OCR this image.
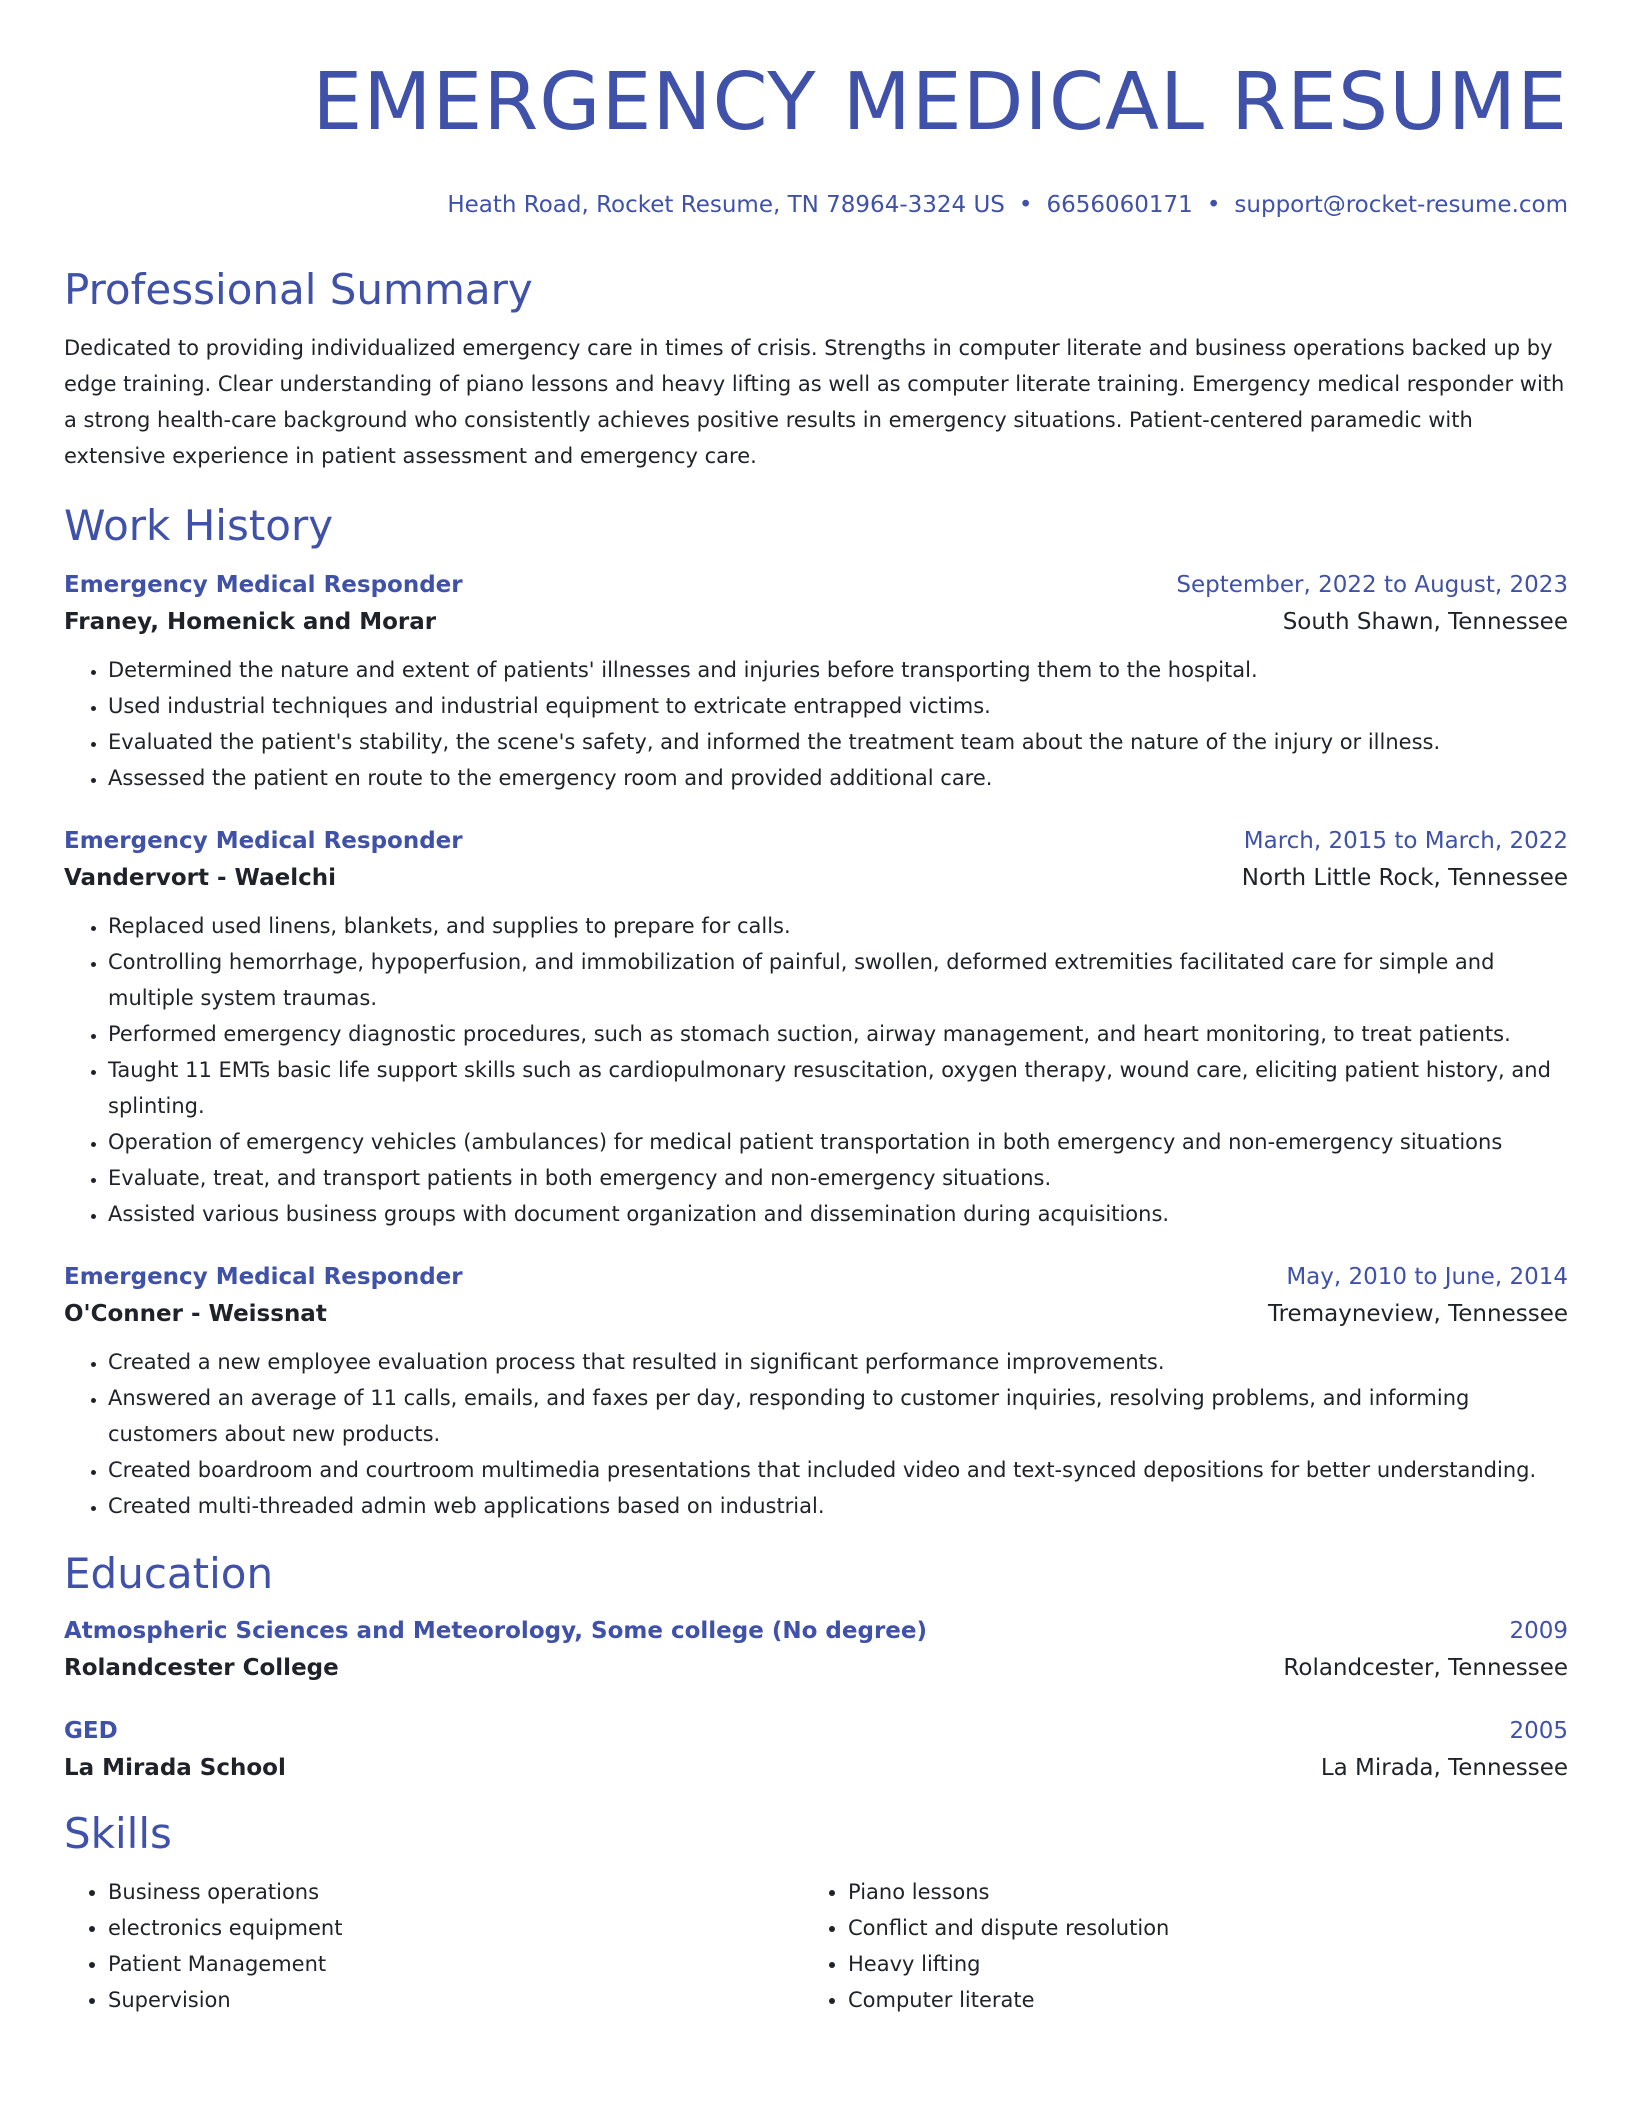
EMERGENCY MEDICAL RESUME
Heath Road, Rocket Resume, TN 78964-3324 US • 6656060171 • support@rocket-resume.com
Professional Summary

Dedicated to providing individualized emergency care in times of crisis. Strengths in computer literate and business operations backed up by edge training. Clear understanding of piano lessons and heavy lifting as well as computer literate training. Emergency medical responder with a strong health-care background who consistently achieves positive results in emergency situations. Patient-centered paramedic with extensive experience in patient assessment and emergency care.

Work History
Emergency Medical Responder	September, 2022 to August, 2023
Franey, Homenick and Morar	South Shawn, Tennessee
• Determined the nature and extent of patients' illnesses and injuries before transporting them to the hospital.
• Used industrial techniques and industrial equipment to extricate entrapped victims.
• Evaluated the patient's stability, the scene's safety, and informed the treatment team about the nature of the injury or illness.
• Assessed the patient en route to the emergency room and provided additional care.
Emergency Medical Responder	March, 2015 to March, 2022
Vandervort - Waelchi	North Little Rock, Tennessee
• Replaced used linens, blankets, and supplies to prepare for calls.
• Controlling hemorrhage, hypoperfusion, and immobilization of painful, swollen, deformed extremities facilitated care for simple and multiple system traumas.
• Performed emergency diagnostic procedures, such as stomach suction, airway management, and heart monitoring, to treat patients.
• Taught 11 EMTs basic life support skills such as cardiopulmonary resuscitation, oxygen therapy, wound care, eliciting patient history, and splinting.
• Operation of emergency vehicles (ambulances) for medical patient transportation in both emergency and non-emergency situations
• Evaluate, treat, and transport patients in both emergency and non-emergency situations.
• Assisted various business groups with document organization and dissemination during acquisitions.
Emergency Medical Responder	May, 2010 to June, 2014
O'Conner - Weissnat	Tremayneview, Tennessee
• Created a new employee evaluation process that resulted in significant performance improvements.
• Answered an average of 11 calls, emails, and faxes per day, responding to customer inquiries, resolving problems, and informing customers about new products.
• Created boardroom and courtroom multimedia presentations that included video and text-synced depositions for better understanding.
• Created multi-threaded admin web applications based on industrial.
Education
Atmospheric Sciences and Meteorology, Some college (No degree)	2009
Rolandcester College	Rolandcester, Tennessee
GED	2005
La Mirada School	La Mirada, Tennessee
Skills
• Business operations
• electronics equipment
• Patient Management
• Supervision
• Piano lessons
• Conflict and dispute resolution
• Heavy lifting
• Computer literate
